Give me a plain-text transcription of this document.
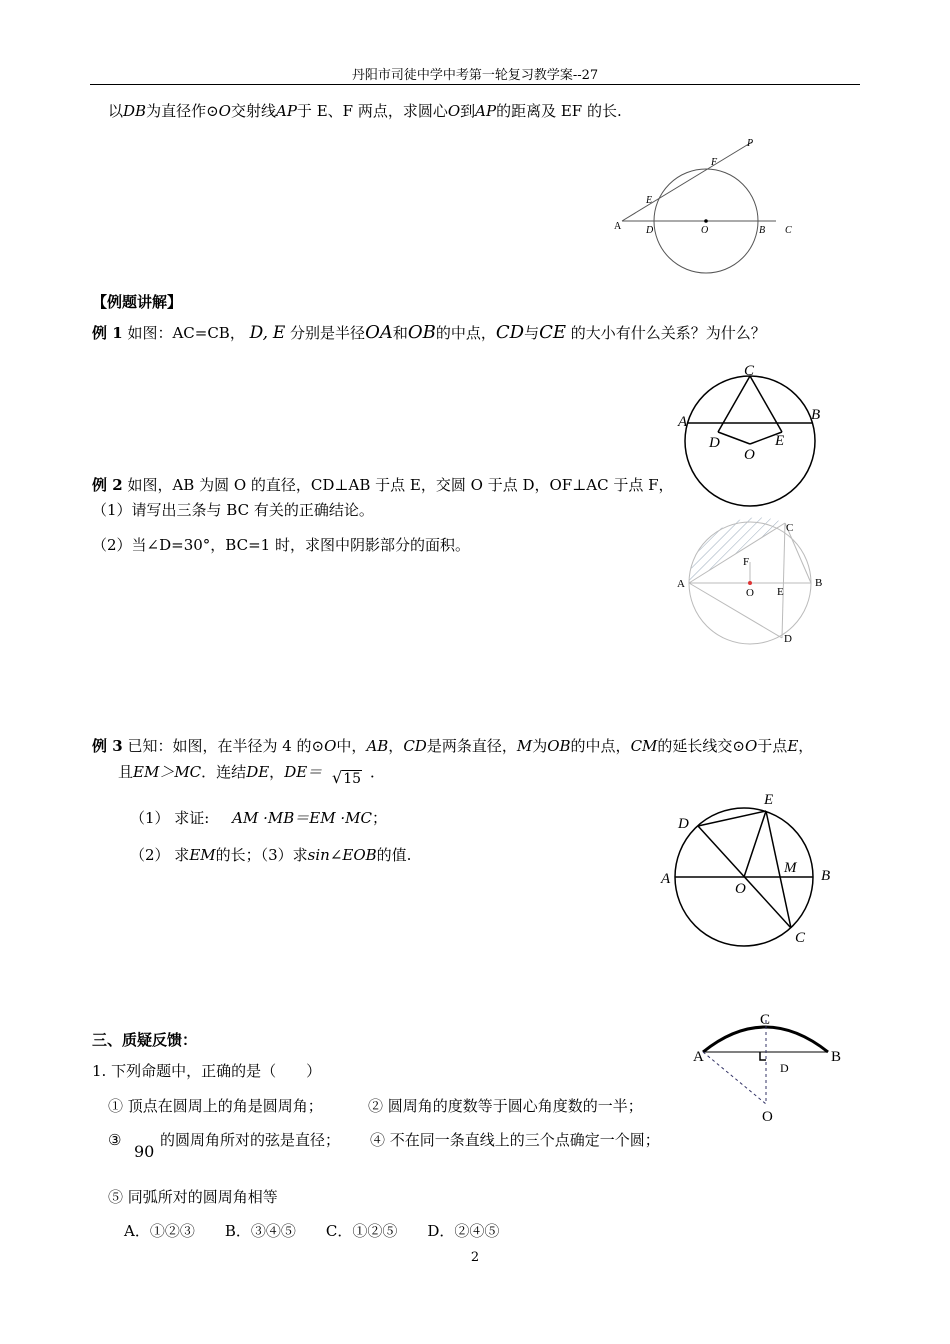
丹阳市司徒中学中考第一轮复习教学案--27
以DB为直径作⊙O交射线AP于 E、F 两点，求圆心O到AP的距离及 EF 的长.
P
F
E
A D	O	B C
【例题讲解】
例 1 如图：AC=CB， D, E 分别是半径OA和OB的中点，CD与CE 的大小有什么关系？为什么？
C
A	B
D	E
O
例 2 如图，AB 为圆 O 的直径，CD⊥AB 于点 E，交圆 O 于点 D，OF⊥AC 于点 F，
（1）请写出三条与 BC 有关的正确结论。
（2）当∠D=30°，BC=1 时，求图中阴影部分的面积。
C
F
A
O E
B
D
例 3 已知：如图，在半径为 4 的⊙O中，AB，CD是两条直径，M为OB的中点，CM的延长线交⊙O于点E，
且EM＞MC．连结DE，DE＝ √15 ．
（1） 求证: AM ·MB＝EM ·MC；
（2） 求EM的长；（3）求sin∠EOB的值.
E
D
M
A
O
B
C
三、质疑反馈：
1. 下列命题中，正确的是（　　）
① 顶点在圆周上的角是圆周角；	② 圆周角的度数等于圆心角度数的一半；
③
90
的圆周角所对的弦是直径； ④ 不在同一条直线上的三个点确定一个圆；
⑤ 同弧所对的圆周角相等
A．①②③　　B．③④⑤　　C．①②⑤　　D．②④⑤
C
A	B
D
O
2
